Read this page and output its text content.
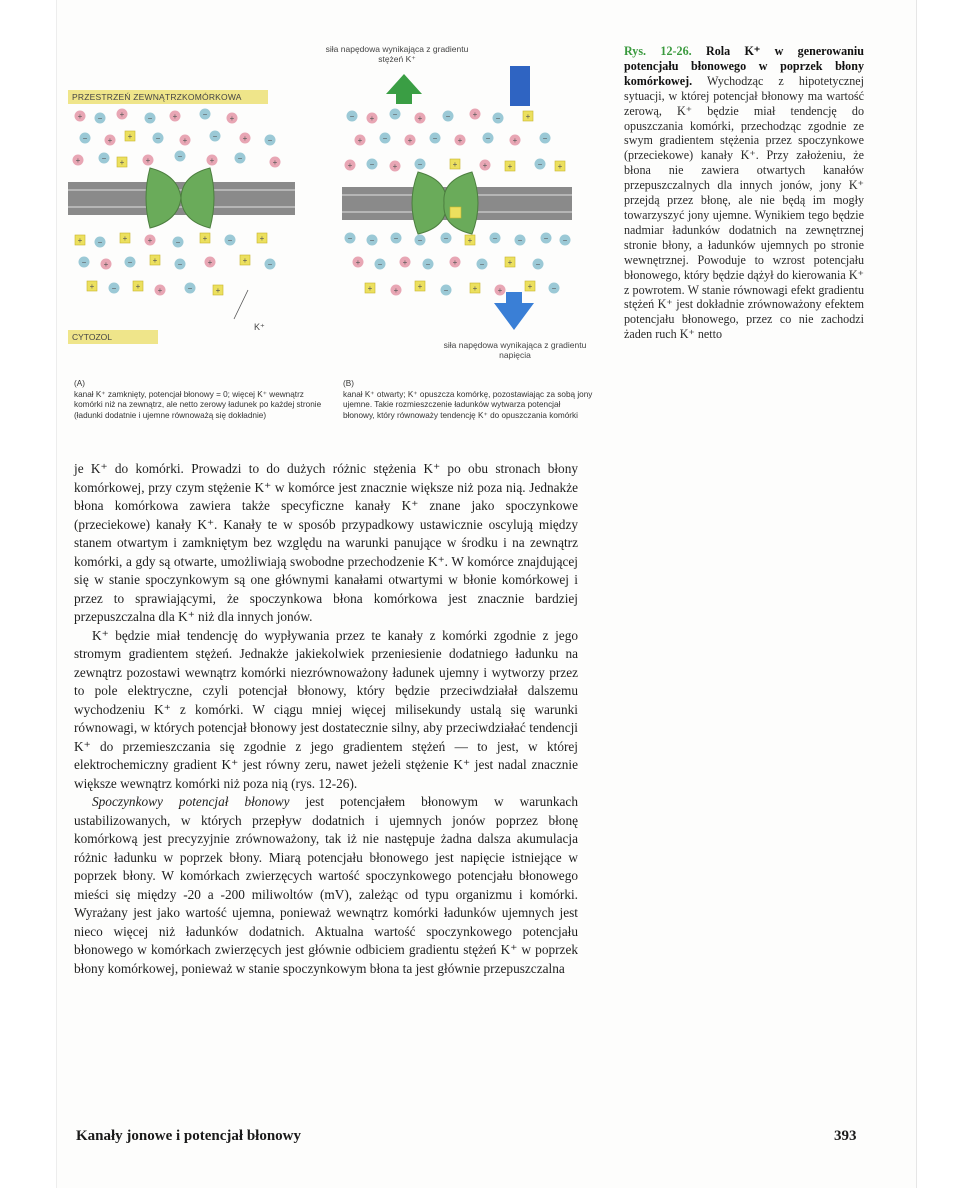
+ − +	−	+	−	+
−	+ +	−	+	−	+	−
+	− +	+	−	+	−	+
+ −	+	+	−	+	−	+
− + −	+	−	+	+	−
+ − + +	−	+
− + −	+	−	+ −	+
+	−	+	−	+	−	+	−
+ − +	−	+	+	+	− +
− − − −	− +	−	−	− −
+ −	+ −	+	−	+	−
+	+ +	−	+	+	+ −
PRZESTRZEŃ ZEWNĄTRZKOMÓRKOWA
CYTOZOL
K⁺
siła napędowa wynikająca z gradientu stężeń K⁺
siła napędowa wynikająca z gradientu napięcia
(A)
kanał K⁺ zamknięty, potencjał błonowy = 0; więcej K⁺ wewnątrz komórki niż na zewnątrz, ale netto zerowy ładunek po każdej stronie (ładunki dodatnie i ujemne równoważą się dokładnie)
(B)
kanał K⁺ otwarty; K⁺ opuszcza komórkę, pozostawiając za sobą jony ujemne. Takie rozmieszczenie ładunków wytwarza potencjał błonowy, który równoważy tendencję K⁺ do opuszczania komórki
Rys. 12-26. Rola K⁺ w generowaniu potencjału błonowego w poprzek błony komórkowej. Wychodząc z hipotetycznej sytuacji, w której potencjał błonowy ma wartość zerową, K⁺ będzie miał tendencję do opuszczania komórki, przechodząc zgodnie ze swym gradientem stężenia przez spoczynkowe (przeciekowe) kanały K⁺. Przy założeniu, że błona nie zawiera otwartych kanałów przepuszczalnych dla innych jonów, jony K⁺ przejdą przez błonę, ale nie będą im mogły towarzyszyć jony ujemne. Wynikiem tego będzie nadmiar ładunków dodatnich na zewnętrznej stronie błony, a ładunków ujemnych po stronie wewnętrznej. Powoduje to wzrost potencjału błonowego, który będzie dążył do kierowania K⁺ z powrotem. W stanie równowagi efekt gradientu stężeń K⁺ jest dokładnie zrównoważony efektem potencjału błonowego, przez co nie zachodzi żaden ruch K⁺ netto

je K⁺ do komórki. Prowadzi to do dużych różnic stężenia K⁺ po obu stronach błony komórkowej, przy czym stężenie K⁺ w komórce jest znacznie większe niż poza nią. Jednakże błona komórkowa zawiera także specyficzne kanały K⁺ znane jako spoczynkowe (przeciekowe) kanały K⁺. Kanały te w sposób przypadkowy ustawicznie oscylują między stanem otwartym i zamkniętym bez względu na warunki panujące w środku i na zewnątrz komórki, a gdy są otwarte, umożliwiają swobodne przechodzenie K⁺. W komórce znajdującej się w stanie spoczynkowym są one głównymi kanałami otwartymi w błonie komórkowej i przez to sprawiającymi, że spoczynkowa błona komórkowa jest znacznie bardziej przepuszczalna dla K⁺ niż dla innych jonów.

K⁺ będzie miał tendencję do wypływania przez te kanały z komórki zgodnie z jego stromym gradientem stężeń. Jednakże jakiekolwiek przeniesienie dodatniego ładunku na zewnątrz pozostawi wewnątrz komórki niezrównoważony ładunek ujemny i wytworzy przez to pole elektryczne, czyli potencjał błonowy, który będzie przeciwdziałał dalszemu wychodzeniu K⁺ z komórki. W ciągu mniej więcej milisekundy ustalą się warunki równowagi, w których potencjał błonowy jest dostatecznie silny, aby przeciwdziałać tendencji K⁺ do przemieszczania się zgodnie z jego gradientem stężeń — to jest, w której elektrochemiczny gradient K⁺ jest równy zeru, nawet jeżeli stężenie K⁺ jest nadal znacznie większe wewnątrz komórki niż poza nią (rys. 12-26).

Spoczynkowy potencjał błonowy jest potencjałem błonowym w warunkach ustabilizowanych, w których przepływ dodatnich i ujemnych jonów poprzez błonę komórkową jest precyzyjnie zrównoważony, tak iż nie następuje żadna dalsza akumulacja różnic ładunku w poprzek błony. Miarą potencjału błonowego jest napięcie istniejące w poprzek błony. W komórkach zwierzęcych wartość spoczynkowego potencjału błonowego mieści się między -20 a -200 miliwoltów (mV), zależąc od typu organizmu i komórki. Wyrażany jest jako wartość ujemna, ponieważ wewnątrz komórki ładunków ujemnych jest nieco więcej niż ładunków dodatnich. Aktualna wartość spoczynkowego potencjału błonowego w komórkach zwierzęcych jest głównie odbiciem gradientu stężeń K⁺ w poprzek błony komórkowej, ponieważ w stanie spoczynkowym błona ta jest głównie przepuszczalna

Kanały jonowe i potencjał błonowy	393
